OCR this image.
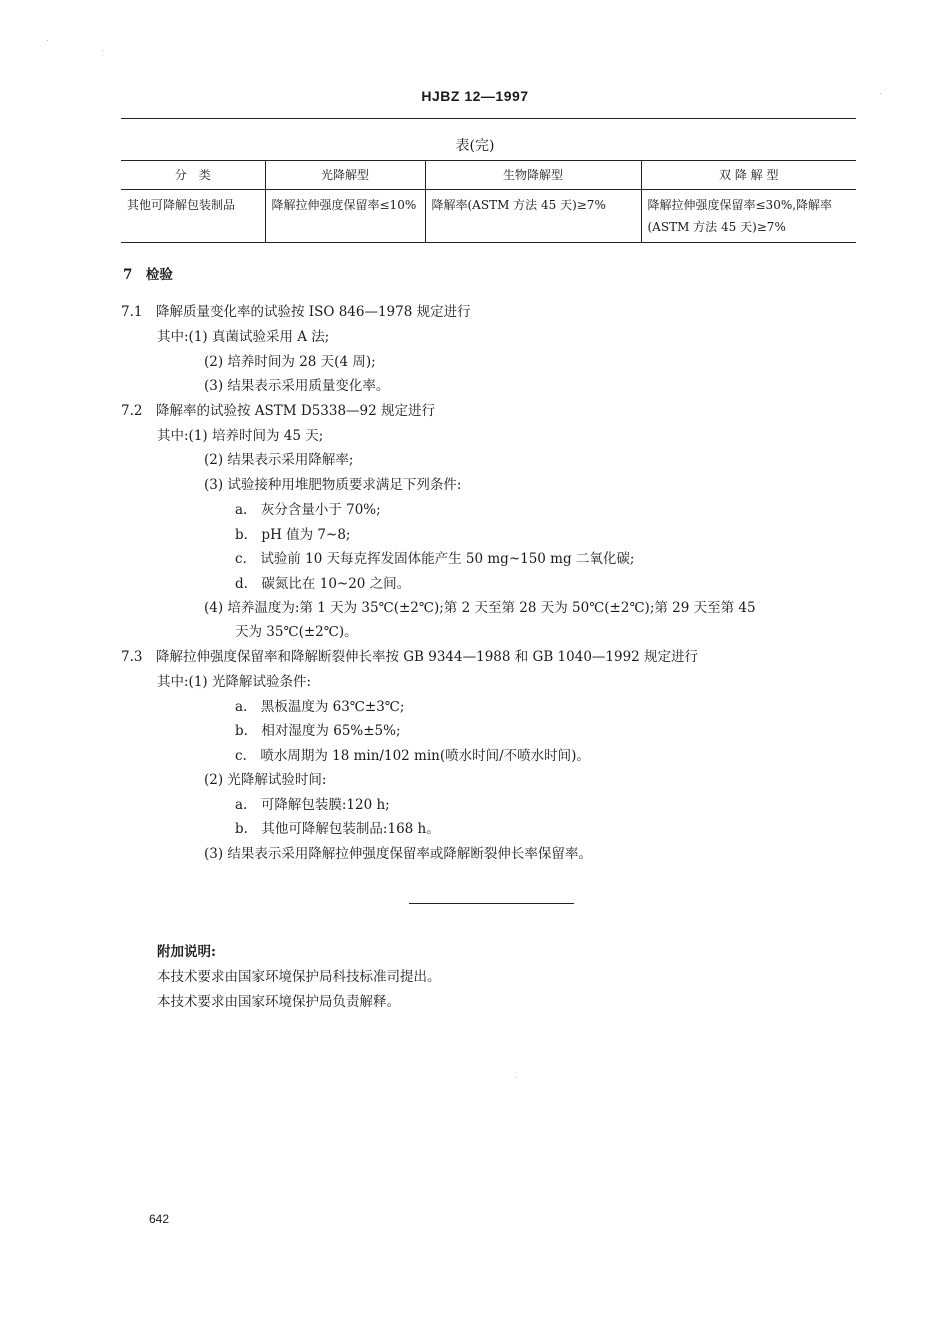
HJBZ 12—1997
表(完)
分　类	光降解型	生物降解型	双 降 解 型
其他可降解包装制品	降解拉伸强度保留率≤10%	降解率(ASTM 方法 45 天)≥7%	降解拉伸强度保留率≤30%,降解率(ASTM 方法 45 天)≥7%
7　检验
7.1　降解质量变化率的试验按 ISO 846—1978 规定进行
其中:(1) 真菌试验采用 A 法;
(2) 培养时间为 28 天(4 周);
(3) 结果表示采用质量变化率。
7.2　降解率的试验按 ASTM D5338—92 规定进行
其中:(1) 培养时间为 45 天;
(2) 结果表示采用降解率;
(3) 试验接种用堆肥物质要求满足下列条件:
a.　灰分含量小于 70%;
b.　pH 值为 7~8;
c.　试验前 10 天每克挥发固体能产生 50 mg~150 mg 二氧化碳;
d.　碳氮比在 10~20 之间。
(4) 培养温度为:第 1 天为 35℃(±2℃);第 2 天至第 28 天为 50℃(±2℃);第 29 天至第 45
天为 35℃(±2℃)。
7.3　降解拉伸强度保留率和降解断裂伸长率按 GB 9344—1988 和 GB 1040—1992 规定进行
其中:(1) 光降解试验条件:
a.　黑板温度为 63℃±3℃;
b.　相对湿度为 65%±5%;
c.　喷水周期为 18 min/102 min(喷水时间/不喷水时间)。
(2) 光降解试验时间:
a.　可降解包装膜:120 h;
b.　其他可降解包装制品:168 h。
(3) 结果表示采用降解拉伸强度保留率或降解断裂伸长率保留率。
附加说明:
本技术要求由国家环境保护局科技标准司提出。
本技术要求由国家环境保护局负责解释。
642
